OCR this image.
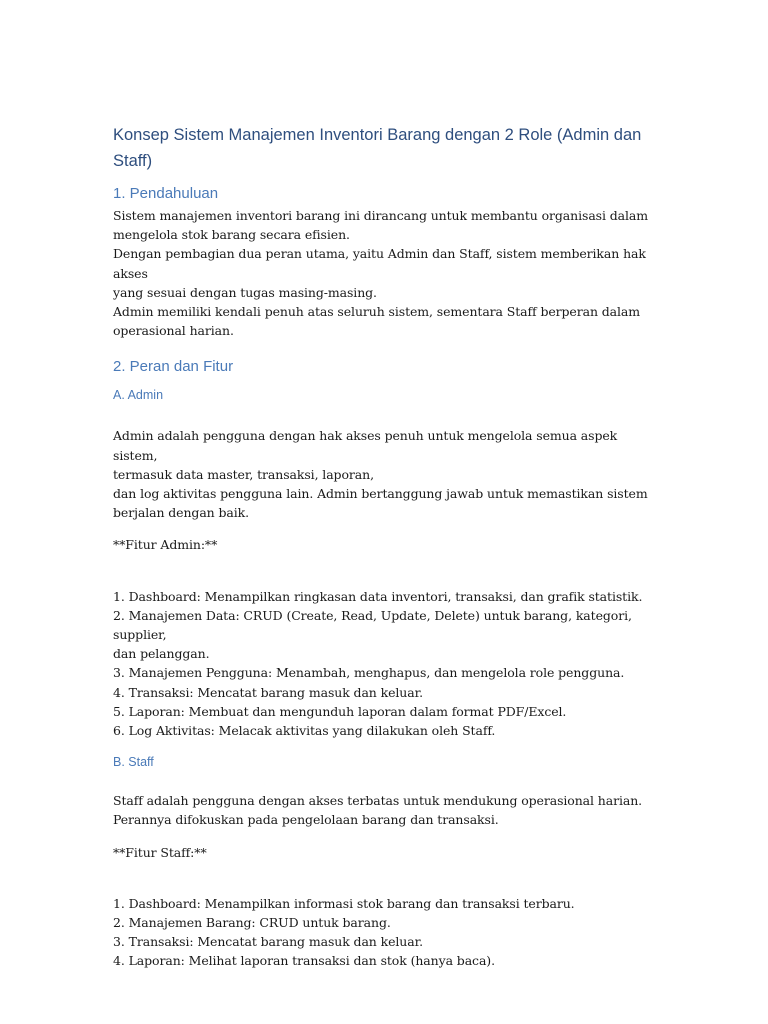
Konsep Sistem Manajemen Inventori Barang dengan 2 Role (Admin dan Staff)
1. Pendahuluan

Sistem manajemen inventori barang ini dirancang untuk membantu organisasi dalam
mengelola stok barang secara efisien.
Dengan pembagian dua peran utama, yaitu Admin dan Staff, sistem memberikan hak akses
yang sesuai dengan tugas masing-masing.
Admin memiliki kendali penuh atas seluruh sistem, sementara Staff berperan dalam
operasional harian.

2. Peran dan Fitur
A. Admin

Admin adalah pengguna dengan hak akses penuh untuk mengelola semua aspek sistem,
termasuk data master, transaksi, laporan,
dan log aktivitas pengguna lain. Admin bertanggung jawab untuk memastikan sistem
berjalan dengan baik.

**Fitur Admin:**

1. Dashboard: Menampilkan ringkasan data inventori, transaksi, dan grafik statistik.
2. Manajemen Data: CRUD (Create, Read, Update, Delete) untuk barang, kategori, supplier,
dan pelanggan.
3. Manajemen Pengguna: Menambah, menghapus, dan mengelola role pengguna.
4. Transaksi: Mencatat barang masuk dan keluar.
5. Laporan: Membuat dan mengunduh laporan dalam format PDF/Excel.
6. Log Aktivitas: Melacak aktivitas yang dilakukan oleh Staff.

B. Staff

Staff adalah pengguna dengan akses terbatas untuk mendukung operasional harian.
Perannya difokuskan pada pengelolaan barang dan transaksi.

**Fitur Staff:**

1. Dashboard: Menampilkan informasi stok barang dan transaksi terbaru.
2. Manajemen Barang: CRUD untuk barang.
3. Transaksi: Mencatat barang masuk dan keluar.
4. Laporan: Melihat laporan transaksi dan stok (hanya baca).
